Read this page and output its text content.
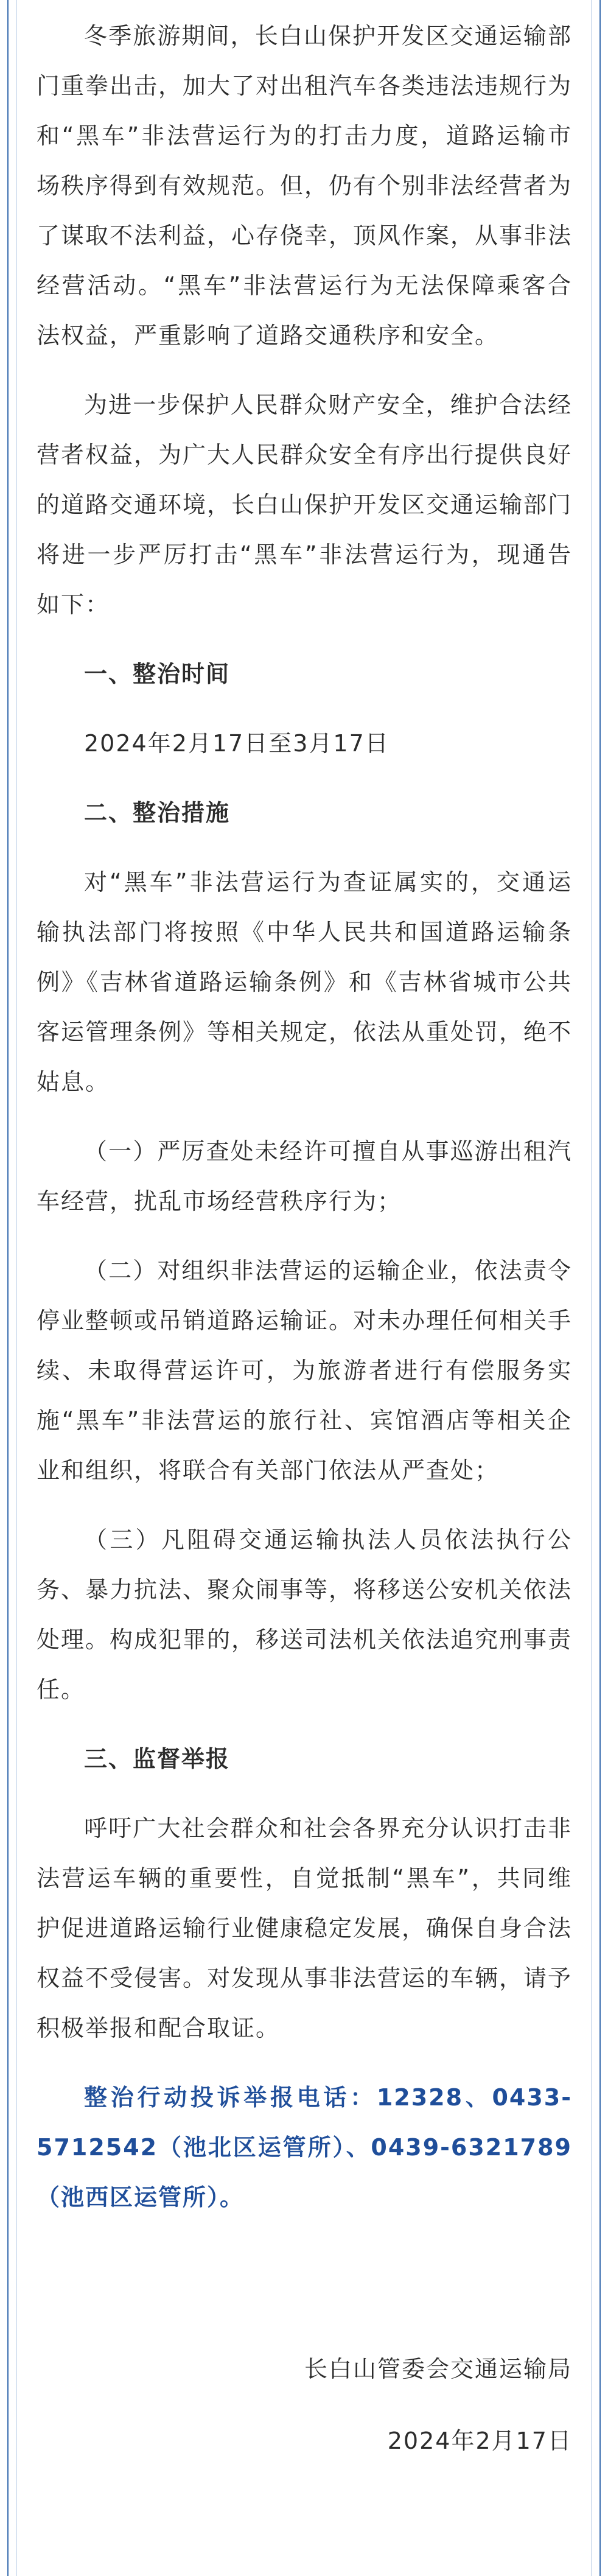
冬季旅游期间，长白山保护开发区交通运输部门重拳出击，加大了对出租汽车各类违法违规行为和“黑车”非法营运行为的打击力度，道路运输市场秩序得到有效规范。但，仍有个别非法经营者为了谋取不法利益，心存侥幸，顶风作案，从事非法经营活动。“黑车”非法营运行为无法保障乘客合法权益，严重影响了道路交通秩序和安全。

为进一步保护人民群众财产安全，维护合法经营者权益，为广大人民群众安全有序出行提供良好的道路交通环境，长白山保护开发区交通运输部门将进一步严厉打击“黑车”非法营运行为，现通告如下：

一、整治时间

2024年2月17日至3月17日

二、整治措施

对“黑车”非法营运行为查证属实的，交通运输执法部门将按照《中华人民共和国道路运输条例》《吉林省道路运输条例》和《吉林省城市公共客运管理条例》等相关规定，依法从重处罚，绝不姑息。

（一）严厉查处未经许可擅自从事巡游出租汽车经营，扰乱市场经营秩序行为；

（二）对组织非法营运的运输企业，依法责令停业整顿或吊销道路运输证。对未办理任何相关手续、未取得营运许可，为旅游者进行有偿服务实施“黑车”非法营运的旅行社、宾馆酒店等相关企业和组织，将联合有关部门依法从严查处；

（三）凡阻碍交通运输执法人员依法执行公务、暴力抗法、聚众闹事等，将移送公安机关依法处理。构成犯罪的，移送司法机关依法追究刑事责任。

三、监督举报

呼吁广大社会群众和社会各界充分认识打击非法营运车辆的重要性，自觉抵制“黑车”，共同维护促进道路运输行业健康稳定发展，确保自身合法权益不受侵害。对发现从事非法营运的车辆，请予积极举报和配合取证。

整治行动投诉举报电话：12328、0433-5712542（池北区运管所）、0439-6321789（池西区运管所）。

长白山管委会交通运输局

2024年2月17日
